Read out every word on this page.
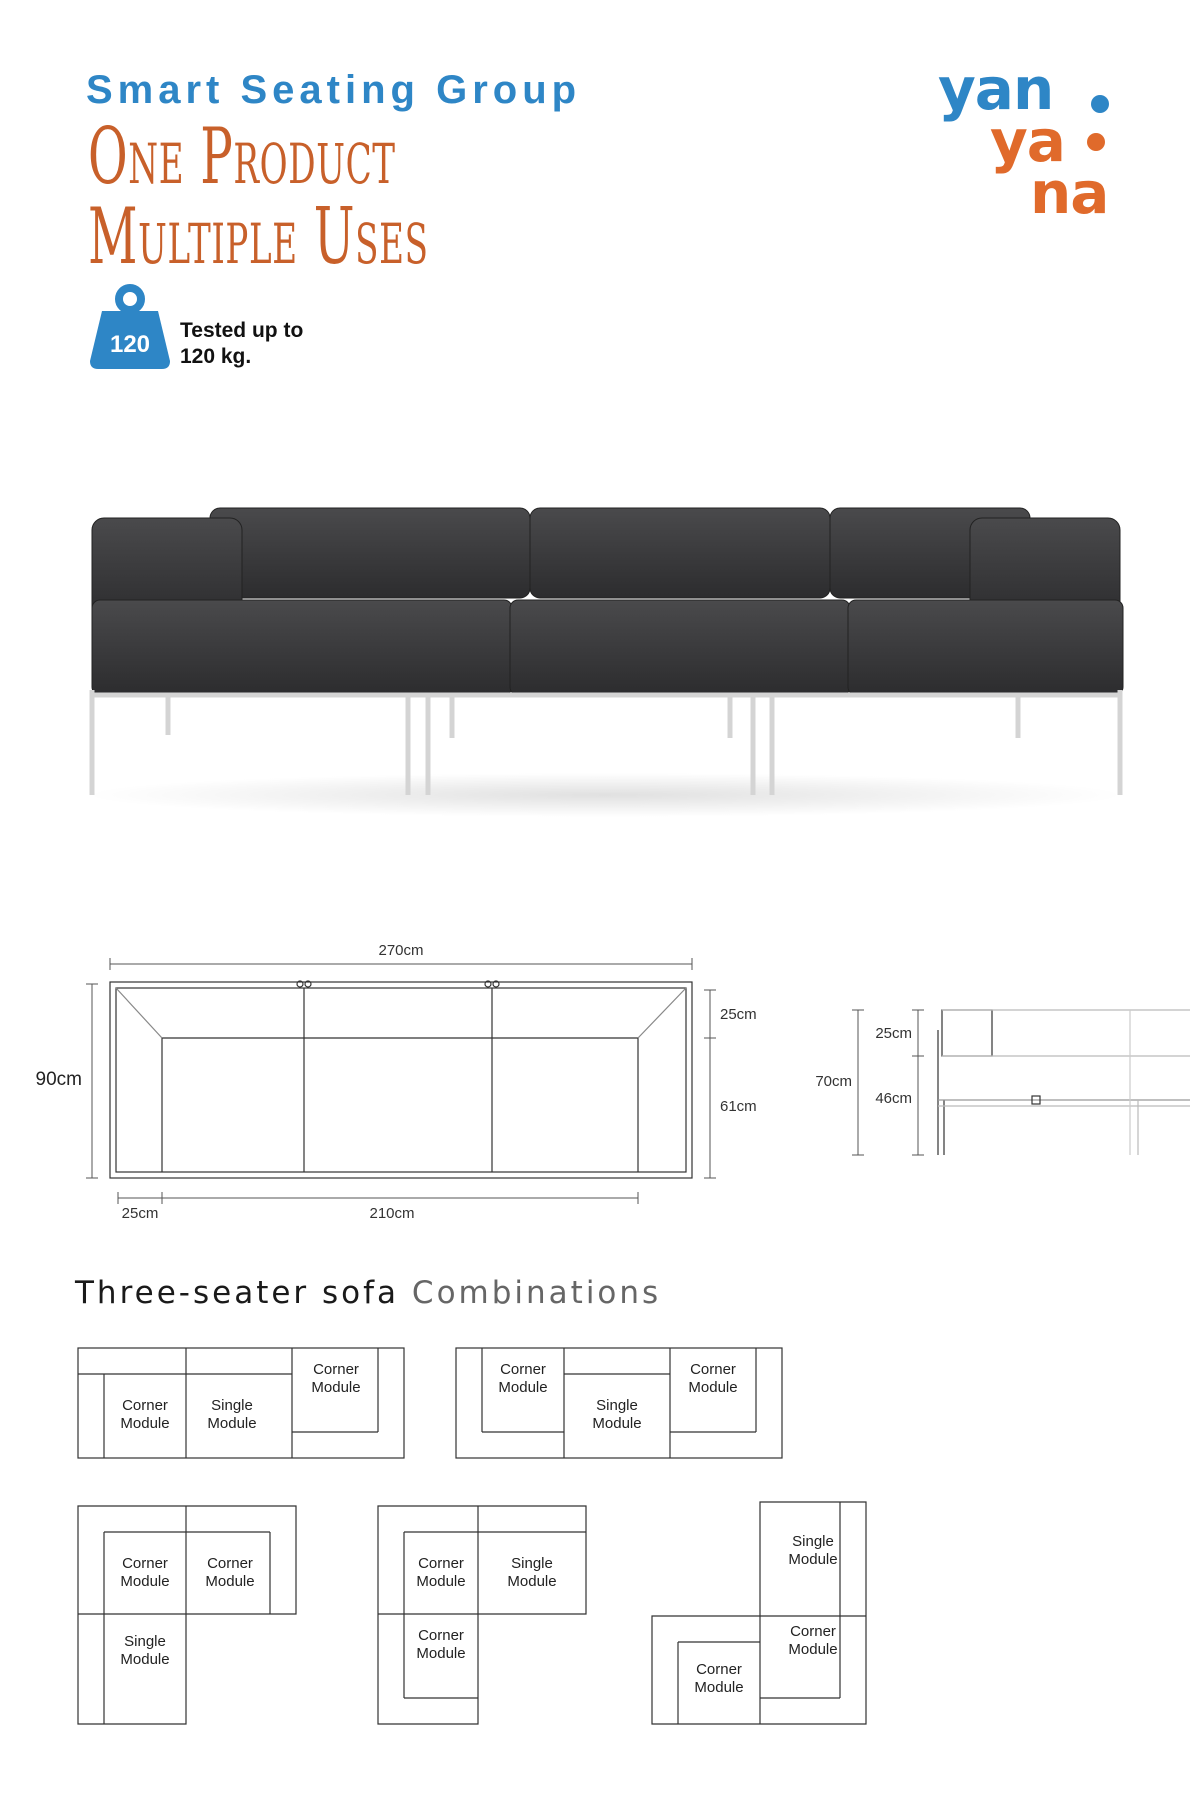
Smart Seating Group
One Product
Multiple Uses
120
Tested up to
120 kg.
yan
ya
na
270cm
90cm
25cm
61cm
25cm	210cm
70cm
25cm
46cm
Three-seater sofa Combinations
Corner Module
Single Module
Corner Module
Corner Module
Single Module
Corner Module
Corner Module
Corner Module
Single Module
Corner Module
Single Module
Corner Module
Single Module
Corner Module
Corner Module
